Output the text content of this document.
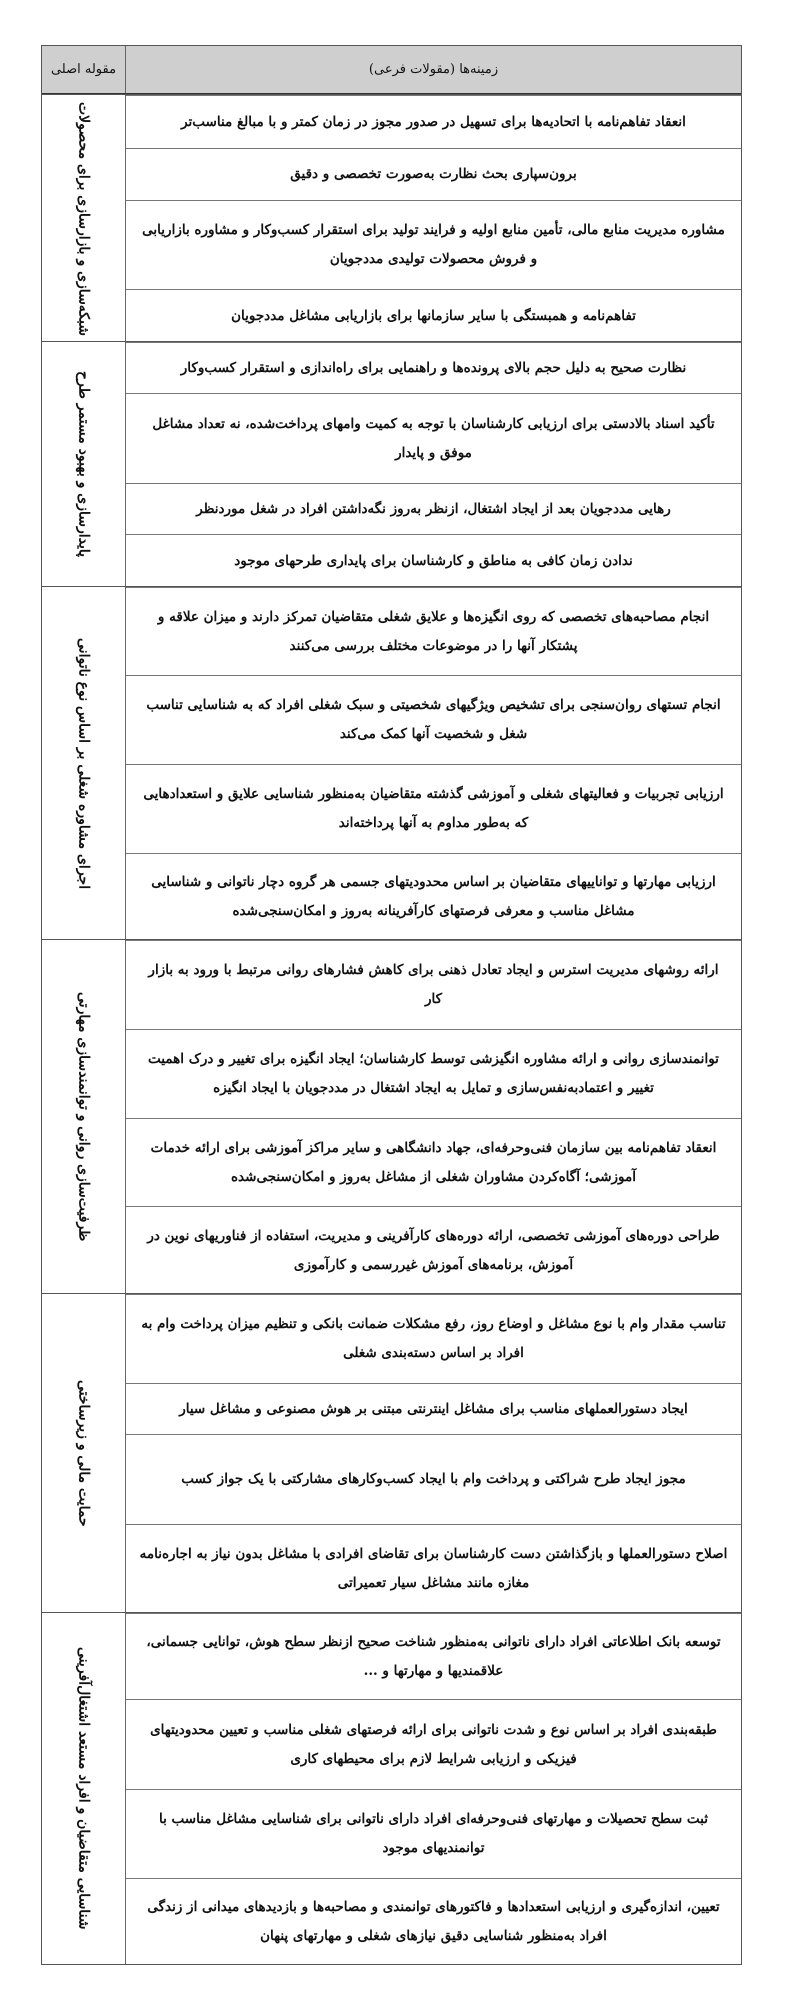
مقوله اصلی	زمینه‌ها (مقولات فرعی)
شبکه‌سازی و بازارسازی برای محصولات	انعقاد تفاهم‌نامه با اتحادیه‌ها برای تسهیل در صدور مجوز در زمان کمتر و با مبالغ مناسب‌تر
برون‌سپاری بحث نظارت به‌صورت تخصصی و دقیق
مشاوره مدیریت منابع مالی، تأمین منابع اولیه و فرایند تولید برای استقرار کسب‌وکار و مشاوره بازاریابی و فروش محصولات تولیدی مددجویان
تفاهم‌نامه و همبستگی با سایر سازمانها برای بازاریابی مشاغل مددجویان
پایدارسازی و بهبود مستمر طرح
نظارت صحیح به دلیل حجم بالای پرونده‌ها و راهنمایی برای راه‌اندازی و استقرار کسب‌وکار
تأکید اسناد بالادستی برای ارزیابی کارشناسان با توجه به کمیت وامهای پرداخت‌شده، نه تعداد مشاغل موفق و پایدار
رهایی مددجویان بعد از ایجاد اشتغال، ازنظر به‌روز نگه‌داشتن افراد در شغل موردنظر
ندادن زمان کافی به مناطق و کارشناسان برای پایداری طرحهای موجود
اجرای مشاوره شغلی بر اساس نوع ناتوانی
انجام مصاحبه‌های تخصصی که روی انگیزه‌ها و علایق شغلی متقاضیان تمرکز دارند و میزان علاقه و پشتکار آنها را در موضوعات مختلف بررسی می‌کنند
انجام تستهای روان‌سنجی برای تشخیص ویژگیهای شخصیتی و سبک شغلی افراد که به شناسایی تناسب شغل و شخصیت آنها کمک می‌کند
ارزیابی تجربیات و فعالیتهای شغلی و آموزشی گذشته متقاضیان به‌منظور شناسایی علایق و استعدادهایی که به‌طور مداوم به آنها پرداخته‌اند
ارزیابی مهارتها و تواناییهای متقاضیان بر اساس محدودیتهای جسمی هر گروه دچار ناتوانی و شناسایی مشاغل مناسب و معرفی فرصتهای کارآفرینانه به‌روز و امکان‌سنجی‌شده
ظرفیت‌سازی روانی و توانمندسازی مهارتی
ارائه روشهای مدیریت استرس و ایجاد تعادل ذهنی برای کاهش فشارهای روانی مرتبط با ورود به بازار کار
توانمندسازی روانی و ارائه مشاوره انگیزشی توسط کارشناسان؛ ایجاد انگیزه برای تغییر و درک اهمیت تغییر و اعتمادبه‌نفس‌سازی و تمایل به ایجاد اشتغال در مددجویان با ایجاد انگیزه
انعقاد تفاهم‌نامه بین سازمان فنی‌وحرفه‌ای، جهاد دانشگاهی و سایر مراکز آموزشی برای ارائه خدمات آموزشی؛ آگاه‌کردن مشاوران شغلی از مشاغل به‌روز و امکان‌سنجی‌شده
طراحی دوره‌های آموزشی تخصصی، ارائه دوره‌های کارآفرینی و مدیریت، استفاده از فناوریهای نوین در آموزش، برنامه‌های آموزش غیررسمی و کارآموزی
حمایت مالی و زیرساختی
تناسب مقدار وام با نوع مشاغل و اوضاع روز، رفع مشکلات ضمانت بانکی و تنظیم میزان پرداخت وام به افراد بر اساس دسته‌بندی شغلی
ایجاد دستورالعملهای مناسب برای مشاغل اینترنتی مبتنی بر هوش مصنوعی و مشاغل سیار
مجوز ایجاد طرح شراکتی و پرداخت وام با ایجاد کسب‌وکارهای مشارکتی با یک جواز کسب
اصلاح دستورالعملها و بازگذاشتن دست کارشناسان برای تقاضای افرادی با مشاغل بدون نیاز به اجاره‌نامه مغازه مانند مشاغل سیار تعمیراتی
شناسایی متقاضیان و افراد مستعد اشتغال‌آفرینی
توسعه بانک اطلاعاتی افراد دارای ناتوانی به‌منظور شناخت صحیح ازنظر سطح هوش، توانایی جسمانی، علاقمندیها و مهارتها و ...
طبقه‌بندی افراد بر اساس نوع و شدت ناتوانی برای ارائه فرصتهای شغلی مناسب و تعیین محدودیتهای فیزیکی و ارزیابی شرایط لازم برای محیطهای کاری
ثبت سطح تحصیلات و مهارتهای فنی‌وحرفه‌ای افراد دارای ناتوانی برای شناسایی مشاغل مناسب با توانمندیهای موجود
تعیین، اندازه‌گیری و ارزیابی استعدادها و فاکتورهای توانمندی و مصاحبه‌ها و بازدیدهای میدانی از زندگی افراد به‌منظور شناسایی دقیق نیازهای شغلی و مهارتهای پنهان
